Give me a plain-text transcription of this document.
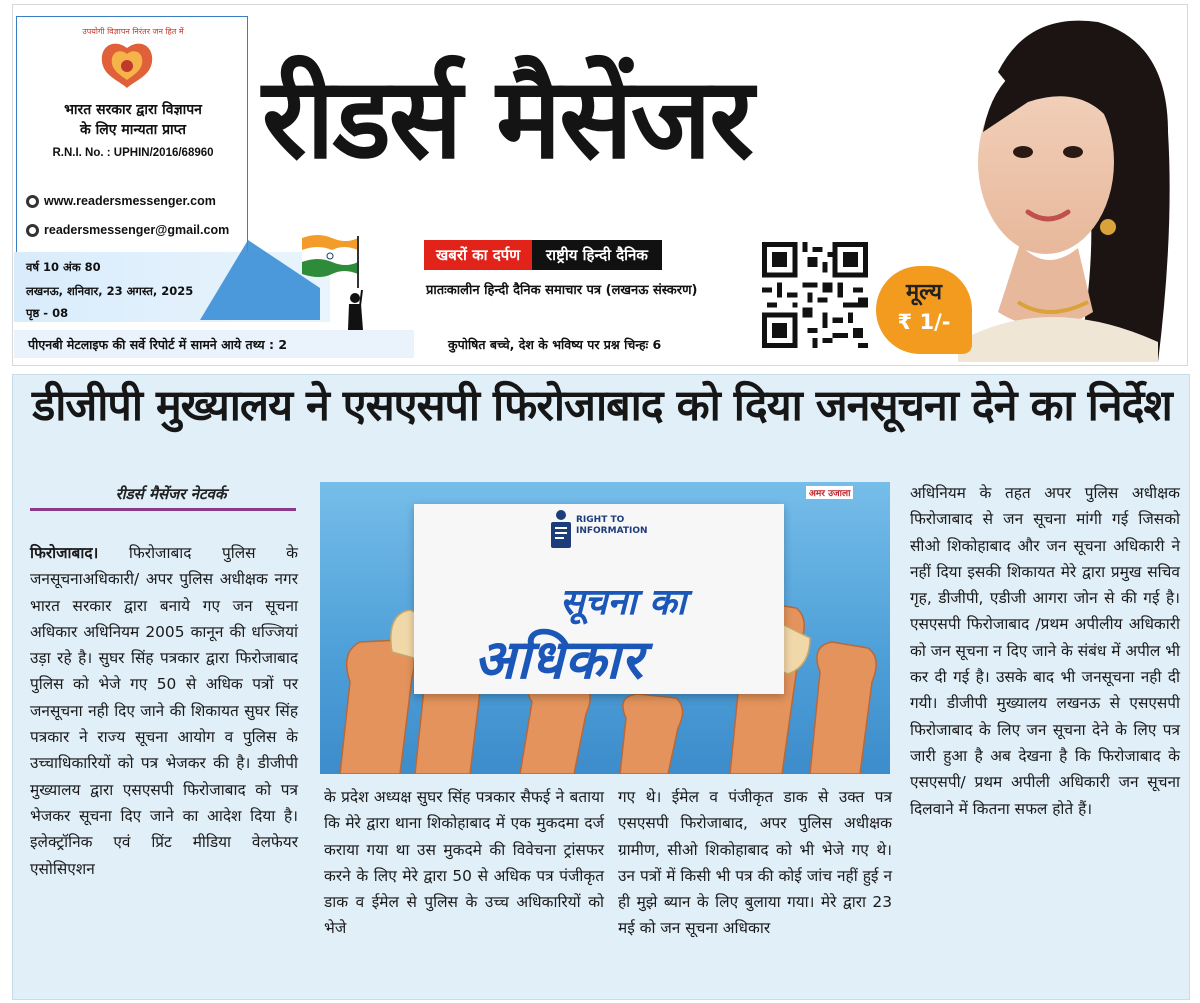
उपयोगी विज्ञापन निरंतर जन हित में
भारत सरकार द्वारा विज्ञापन
के लिए मान्यता प्राप्त
R.N.I. No. : UPHIN/2016/68960
www.readersmessenger.com
readersmessenger@gmail.com
वर्ष 10 अंक 80
लखनऊ, शनिवार, 23 अगस्त, 2025
पृष्ठ - 08
रीडर्स मैसेंजर
खबरों का दर्पण	राष्ट्रीय हिन्दी दैनिक
प्रातःकालीन हिन्दी दैनिक समाचार पत्र (लखनऊ संस्करण)	मूल्य
₹ 1/-
पीएनबी मेटलाइफ की सर्वे रिपोर्ट में सामने आये तथ्य : 2	कुपोषित बच्चे, देश के भविष्य पर प्रश्न चिन्हः 6
डीजीपी मुख्यालय ने एसएसपी फिरोजाबाद को दिया जनसूचना देने का निर्देश
रीडर्स मैसेंजर नेटवर्क

फिरोजाबाद। फिरोजाबाद पुलिस के जनसूचनाअधिकारी/ अपर पुलिस अधीक्षक नगर भारत सरकार द्वारा बनाये गए जन सूचना अधिकार अधिनियम 2005 कानून की धज्जियां उड़ा रहे है। सुघर सिंह पत्रकार द्वारा फिरोजाबाद पुलिस को भेजे गए 50 से अधिक पत्रों पर जनसूचना नही दिए जाने की शिकायत सुघर सिंह पत्रकार ने राज्य सूचना आयोग व पुलिस के उच्चाधिकारियों को पत्र भेजकर की है। डीजीपी मुख्यालय द्वारा एसएसपी फिरोजाबाद को पत्र भेजकर सूचना दिए जाने का आदेश दिया है। इलेक्ट्रॉनिक एवं प्रिंट मीडिया वेलफेयर एसोसिएशन

RIGHT TO
INFORMATION
सूचना का
अधिकार
अमर उजाला

के प्रदेश अध्यक्ष सुघर सिंह पत्रकार सैफई ने बताया कि मेरे द्वारा थाना शिकोहाबाद में एक मुकदमा दर्ज कराया गया था उस मुकदमे की विवेचना ट्रांसफर करने के लिए मेरे द्वारा 50 से अधिक पत्र पंजीकृत डाक व ईमेल से पुलिस के उच्च अधिकारियों को भेजे

गए थे। ईमेल व पंजीकृत डाक से उक्त पत्र एसएसपी फिरोजाबाद, अपर पुलिस अधीक्षक ग्रामीण, सीओ शिकोहाबाद को भी भेजे गए थे। उन पत्रों में किसी भी पत्र की कोई जांच नहीं हुई न ही मुझे ब्यान के लिए बुलाया गया। मेरे द्वारा 23 मई को जन सूचना अधिकार

अधिनियम के तहत अपर पुलिस अधीक्षक फिरोजाबाद से जन सूचना मांगी गई जिसको सीओ शिकोहाबाद और जन सूचना अधिकारी ने नहीं दिया इसकी शिकायत मेरे द्वारा प्रमुख सचिव गृह, डीजीपी, एडीजी आगरा जोन से की गई है। एसएसपी फिरोजाबाद /प्रथम अपीलीय अधिकारी को जन सूचना न दिए जाने के संबंध में अपील भी कर दी गई है। उसके बाद भी जनसूचना नही दी गयी। डीजीपी मुख्यालय लखनऊ से एसएसपी फिरोजाबाद के लिए जन सूचना देने के लिए पत्र जारी हुआ है अब देखना है कि फिरोजाबाद के एसएसपी/ प्रथम अपीली अधिकारी जन सूचना दिलवाने में कितना सफल होते हैं।
